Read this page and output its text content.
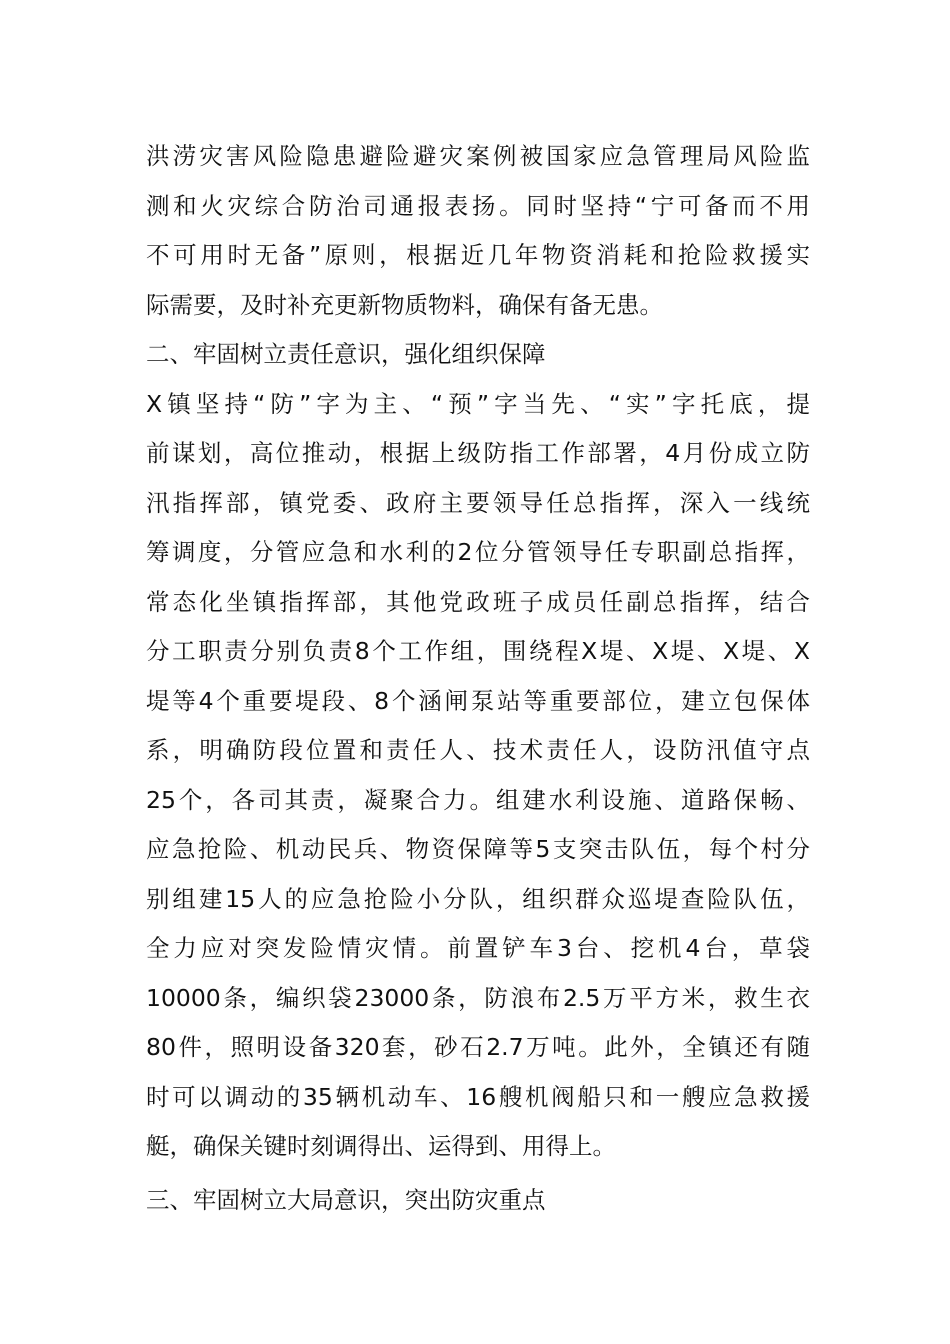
洪涝灾害风险隐患避险避灾案例被国家应急管理局风险监
测和火灾综合防治司通报表扬。同时坚持“宁可备而不用
不可用时无备”原则，根据近几年物资消耗和抢险救援实
际需要，及时补充更新物质物料，确保有备无患。
二、牢固树立责任意识，强化组织保障
X镇坚持“防”字为主、“预”字当先、“实”字托底，提
前谋划，高位推动，根据上级防指工作部署，4月份成立防
汛指挥部，镇党委、政府主要领导任总指挥，深入一线统
筹调度，分管应急和水利的2位分管领导任专职副总指挥，
常态化坐镇指挥部，其他党政班子成员任副总指挥，结合
分工职责分别负责8个工作组，围绕程X堤、X堤、X堤、X
堤等4个重要堤段、8个涵闸泵站等重要部位，建立包保体
系，明确防段位置和责任人、技术责任人，设防汛值守点
25个，各司其责，凝聚合力。组建水利设施、道路保畅、
应急抢险、机动民兵、物资保障等5支突击队伍，每个村分
别组建15人的应急抢险小分队，组织群众巡堤查险队伍，
全力应对突发险情灾情。前置铲车3台、挖机4台，草袋
10000条，编织袋23000条，防浪布2.5万平方米，救生衣
80件，照明设备320套，砂石2.7万吨。此外，全镇还有随
时可以调动的35辆机动车、16艘机阀船只和一艘应急救援
艇，确保关键时刻调得出、运得到、用得上。
三、牢固树立大局意识，突出防灾重点
